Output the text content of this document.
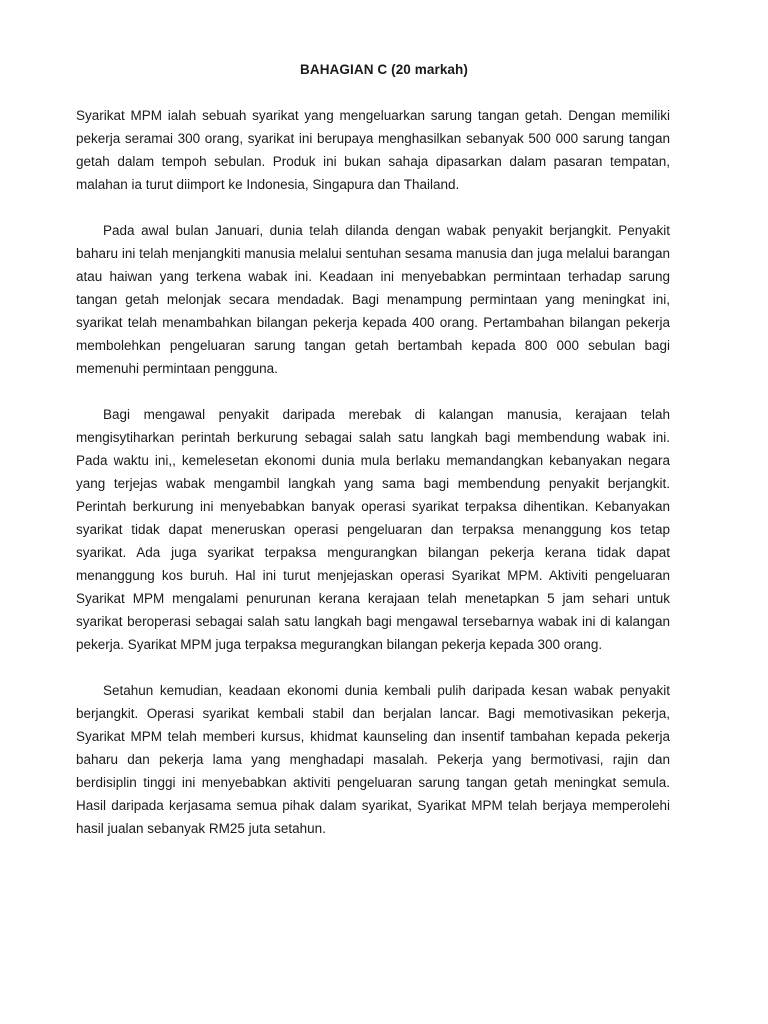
BAHAGIAN C (20 markah)

Syarikat MPM ialah sebuah syarikat yang mengeluarkan sarung tangan getah. Dengan memiliki pekerja seramai 300 orang, syarikat ini berupaya menghasilkan sebanyak 500 000 sarung tangan getah dalam tempoh sebulan. Produk ini bukan sahaja dipasarkan dalam pasaran tempatan, malahan ia turut diimport ke Indonesia, Singapura dan Thailand.

Pada awal bulan Januari, dunia telah dilanda dengan wabak penyakit berjangkit. Penyakit baharu ini telah menjangkiti manusia melalui sentuhan sesama manusia dan juga melalui barangan atau haiwan yang terkena wabak ini. Keadaan ini menyebabkan permintaan terhadap sarung tangan getah melonjak secara mendadak. Bagi menampung permintaan yang meningkat ini, syarikat telah menambahkan bilangan pekerja kepada 400 orang. Pertambahan bilangan pekerja membolehkan pengeluaran sarung tangan getah bertambah kepada 800 000 sebulan bagi memenuhi permintaan pengguna.

Bagi mengawal penyakit daripada merebak di kalangan manusia, kerajaan telah mengisytiharkan perintah berkurung sebagai salah satu langkah bagi membendung wabak ini. Pada waktu ini,, kemelesetan ekonomi dunia mula berlaku memandangkan kebanyakan negara yang terjejas wabak mengambil langkah yang sama bagi membendung penyakit berjangkit. Perintah berkurung ini menyebabkan banyak operasi syarikat terpaksa dihentikan. Kebanyakan syarikat tidak dapat meneruskan operasi pengeluaran dan terpaksa menanggung kos tetap syarikat. Ada juga syarikat terpaksa mengurangkan bilangan pekerja kerana tidak dapat menanggung kos buruh. Hal ini turut menjejaskan operasi Syarikat MPM. Aktiviti pengeluaran Syarikat MPM mengalami penurunan kerana kerajaan telah menetapkan 5 jam sehari untuk syarikat beroperasi sebagai salah satu langkah bagi mengawal tersebarnya wabak ini di kalangan pekerja. Syarikat MPM juga terpaksa megurangkan bilangan pekerja kepada 300 orang.

Setahun kemudian, keadaan ekonomi dunia kembali pulih daripada kesan wabak penyakit berjangkit. Operasi syarikat kembali stabil dan berjalan lancar. Bagi memotivasikan pekerja, Syarikat MPM telah memberi kursus, khidmat kaunseling dan insentif tambahan kepada pekerja baharu dan pekerja lama yang menghadapi masalah. Pekerja yang bermotivasi, rajin dan berdisiplin tinggi ini menyebabkan aktiviti pengeluaran sarung tangan getah meningkat semula. Hasil daripada kerjasama semua pihak dalam syarikat, Syarikat MPM telah berjaya memperolehi hasil jualan sebanyak RM25 juta setahun.
